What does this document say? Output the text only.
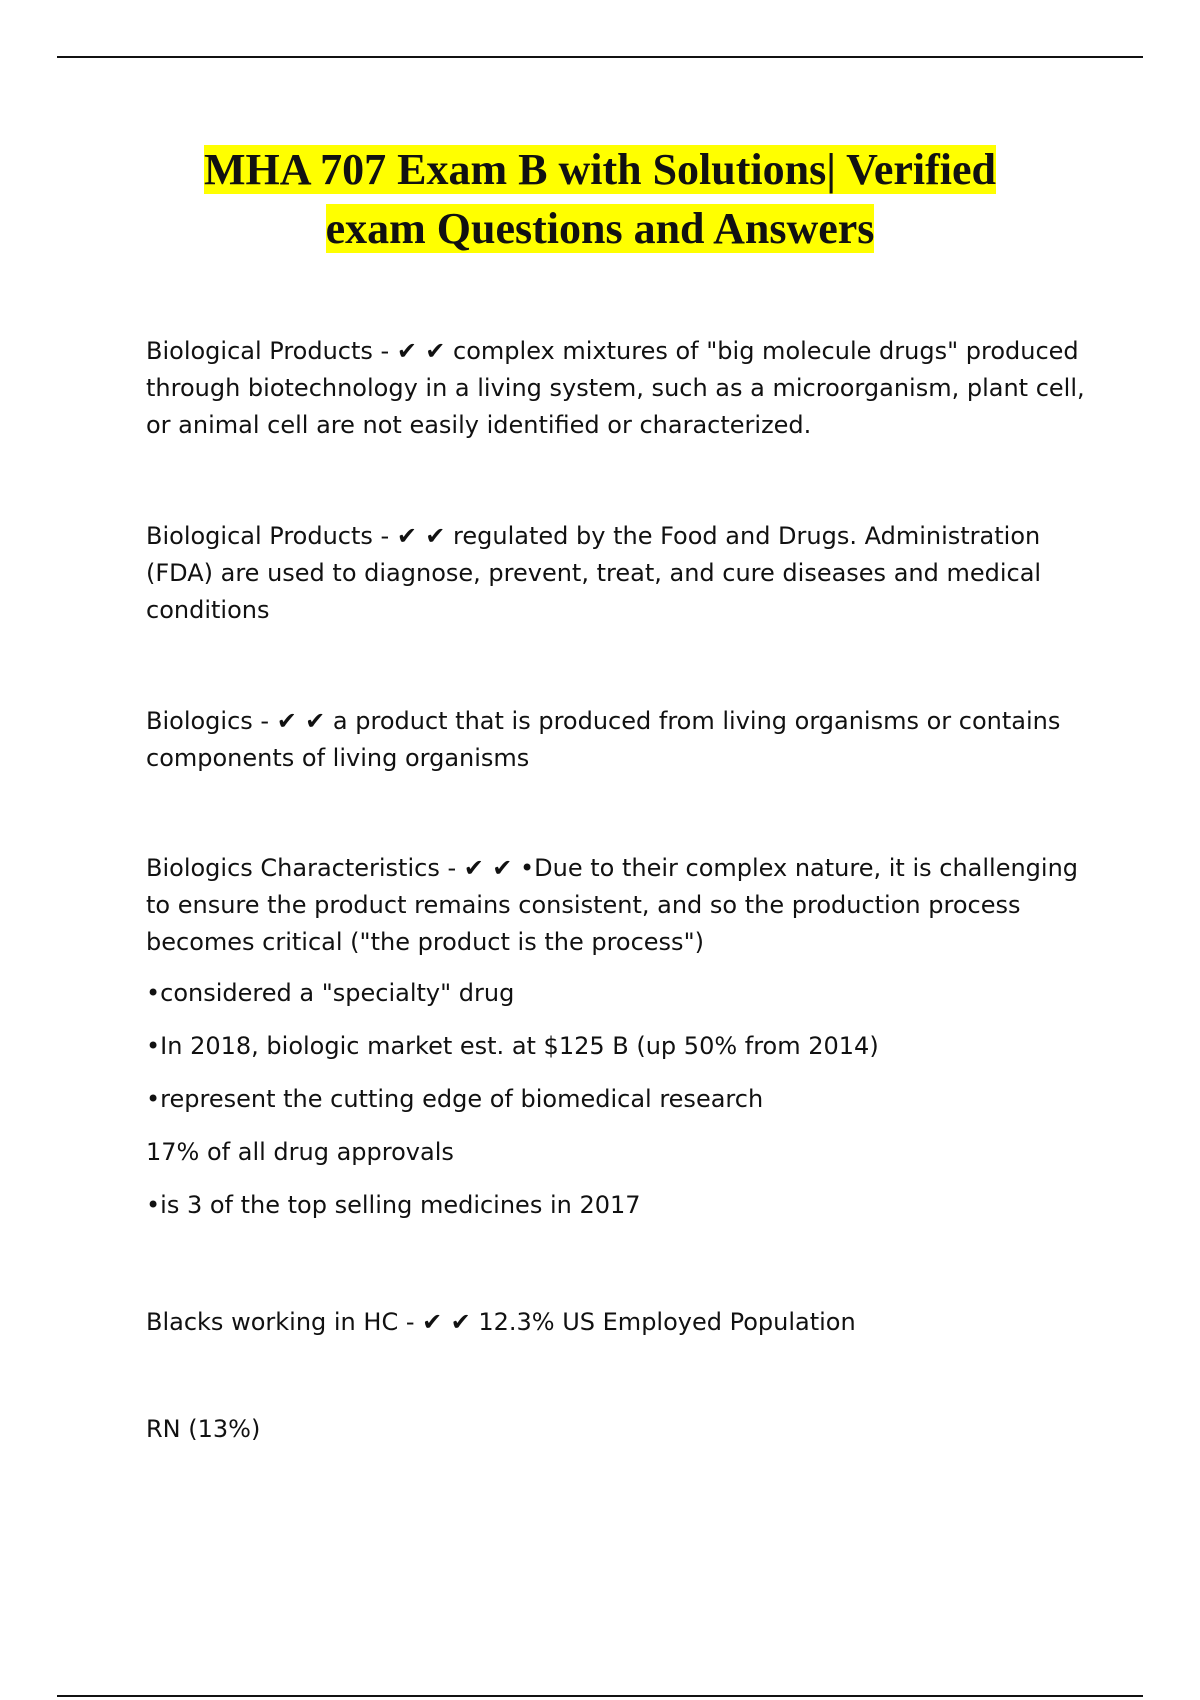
MHA 707 Exam B with Solutions| Verified
exam Questions and Answers

Biological Products - ✔ ✔ complex mixtures of "big molecule drugs" produced through biotechnology in a living system, such as a microorganism, plant cell, or animal cell are not easily identified or characterized.

Biological Products - ✔ ✔ regulated by the Food and Drugs. Administration (FDA) are used to diagnose, prevent, treat, and cure diseases and medical conditions

Biologics - ✔ ✔ a product that is produced from living organisms or contains components of living organisms

Biologics Characteristics - ✔ ✔ •Due to their complex nature, it is challenging to ensure the product remains consistent, and so the production process becomes critical ("the product is the process")

•considered a "specialty" drug

•In 2018, biologic market est. at $125 B (up 50% from 2014)

•represent the cutting edge of biomedical research

17% of all drug approvals

•is 3 of the top selling medicines in 2017

Blacks working in HC - ✔ ✔ 12.3% US Employed Population

RN (13%)
